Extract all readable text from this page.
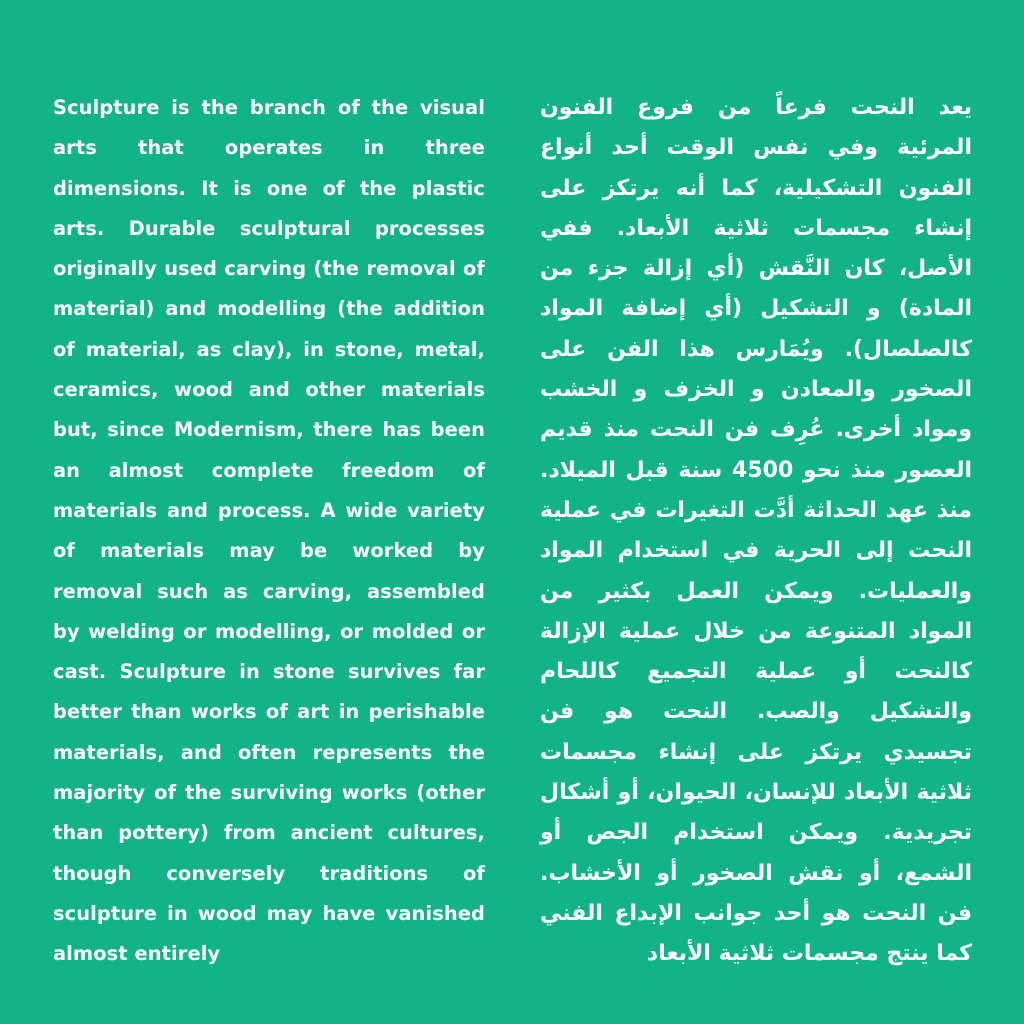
Sculpture is the branch of the visual arts that operates in three dimensions. It is one of the plastic arts. Durable sculptural processes originally used carving (the removal of material) and modelling (the addition of material, as clay), in stone, metal, ceramics, wood and other materials but, since Modernism, there has been an almost complete freedom of materials and process. A wide variety of materials may be worked by removal such as carving, assembled by welding or modelling, or molded or cast. Sculpture in stone survives far better than works of art in perishable materials, and often represents the majority of the surviving works (other than pottery) from ancient cultures, though conversely traditions of sculpture in wood may have vanished almost entirely

يعد النحت فرعاً من فروع الفنون المرئية وفي نفس الوقت أحد أنواع الفنون التشكيلية، كما أنه يرتكز على إنشاء مجسمات ثلاثية الأبعاد. ففي الأصل، كان النَّقش (أي إزالة جزء من المادة) و التشكيل (أي إضافة المواد كالصلصال). ويُمَارس هذا الفن على الصخور والمعادن و الخزف و الخشب ومواد أخرى. عُرِف فن النحت منذ قديم العصور منذ نحو 4500 سنة قبل الميلاد. منذ عهد الحداثة أدَّت التغيرات في عملية النحت إلى الحرية في استخدام المواد والعمليات. ويمكن العمل بكثير من المواد المتنوعة من خلال عملية الإزالة كالنحت أو عملية التجميع كاللحام والتشكيل والصب. النحت هو فن تجسيدي يرتكز على إنشاء مجسمات ثلاثية الأبعاد للإنسان، الحيوان، أو أشكال تجريدية. ويمكن استخدام الجص أو الشمع، أو نقش الصخور أو الأخشاب. فن النحت هو أحد جوانب الإبداع الفني كما ينتج مجسمات ثلاثية الأبعاد
